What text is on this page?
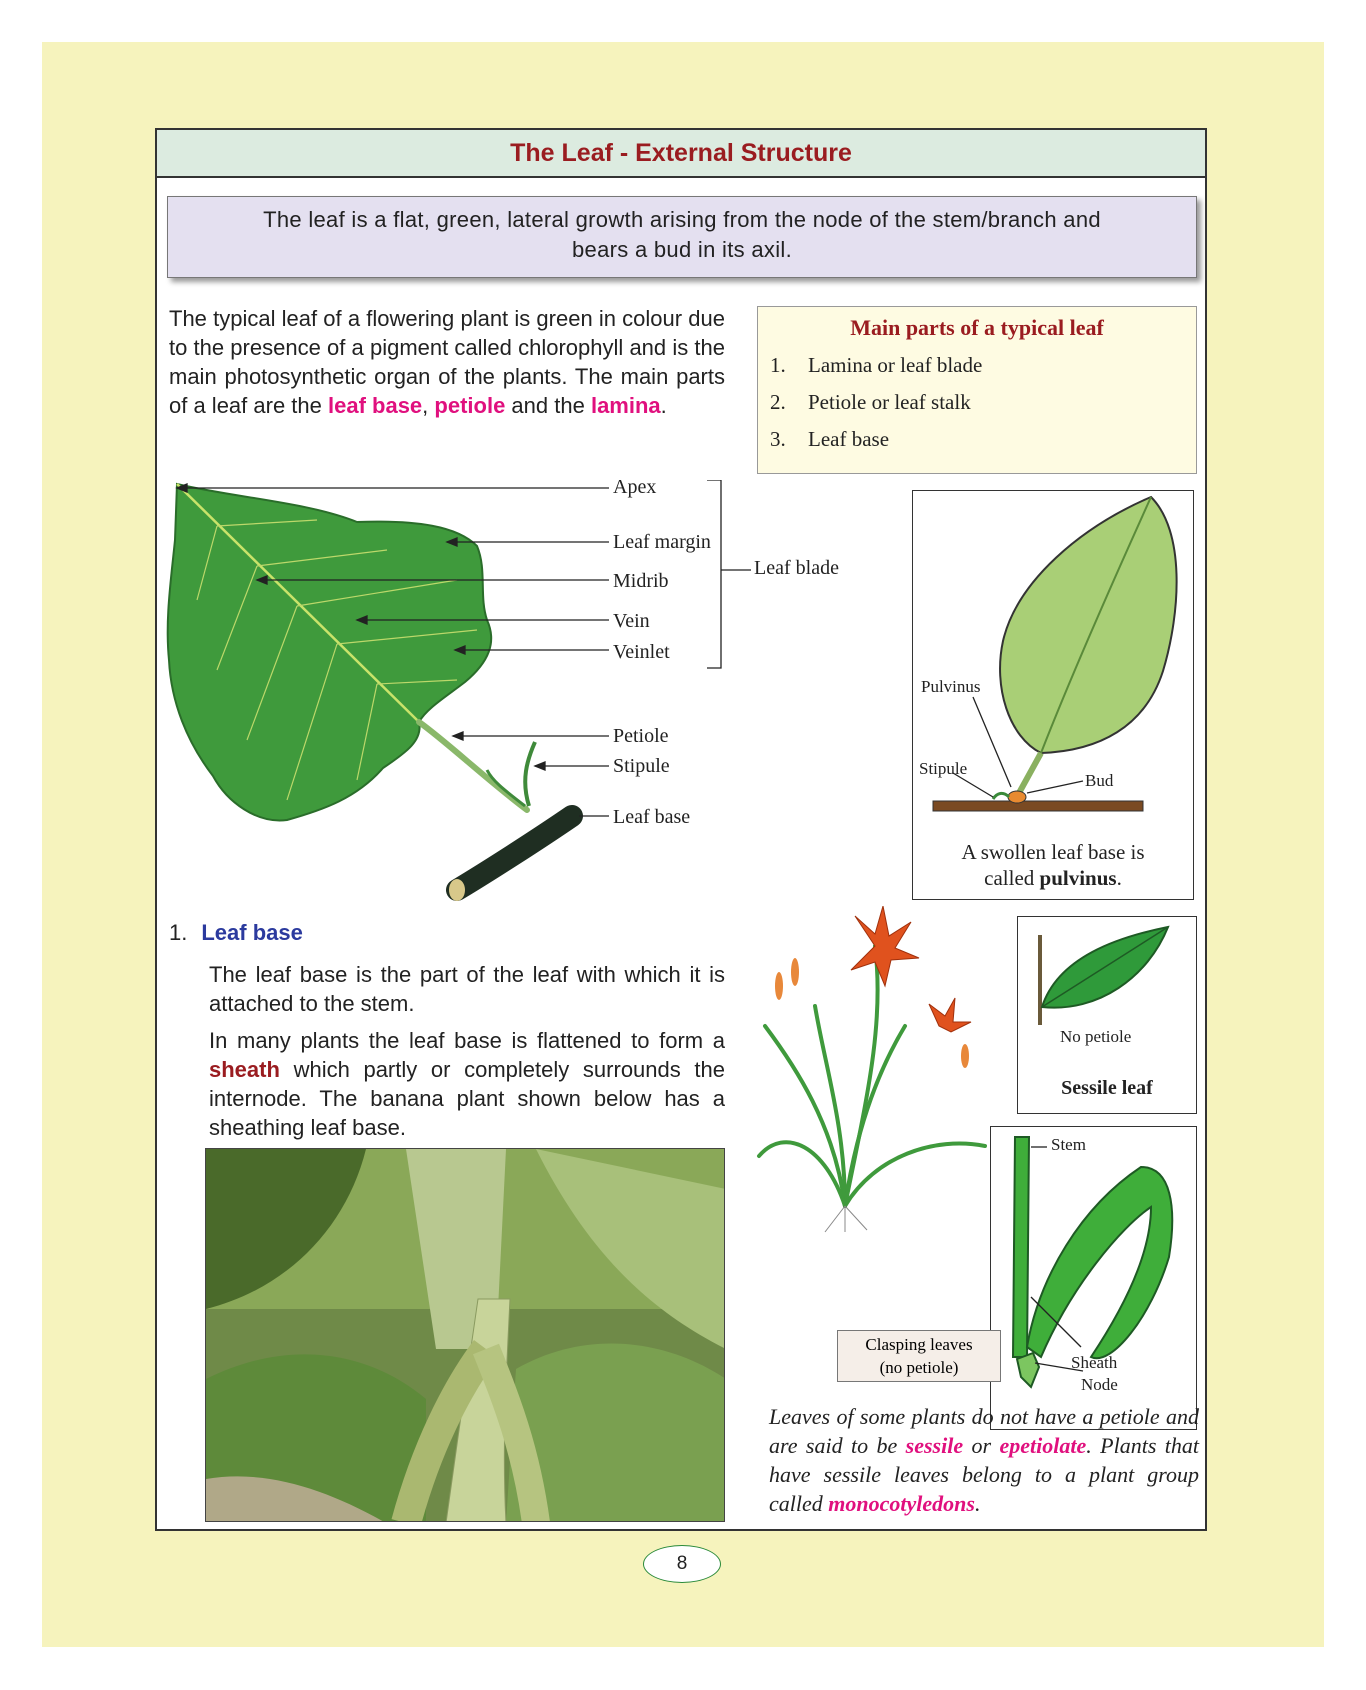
The Leaf - External Structure
The leaf is a flat, green, lateral growth arising from the node of the stem/branch and
bears a bud in its axil.
The typical leaf of a flowering plant is green in colour due to the presence of a pigment called chlorophyll and is the main photosynthetic organ of the plants. The main parts of a leaf are the leaf base, petiole and the lamina.
Main parts of a typical leaf
1. Lamina or leaf blade
2. Petiole or leaf stalk
3. Leaf base
Apex
Leaf margin
Midrib
Vein
Veinlet
Leaf blade
Petiole
Stipule
Leaf base
Pulvinus
Stipule
Bud
A swollen leaf base is
called pulvinus.
No petiole
Sessile leaf
Stem
Sheath
Node
Clasping leaves
(no petiole)
1. Leaf base
The leaf base is the part of the leaf with which it is attached to the stem.
In many plants the leaf base is flattened to form a sheath which partly or completely surrounds the internode. The banana plant shown below has a sheathing leaf base.
Leaves of some plants do not have a petiole and are said to be sessile or epetiolate. Plants that have sessile leaves belong to a plant group called monocotyledons.
8
